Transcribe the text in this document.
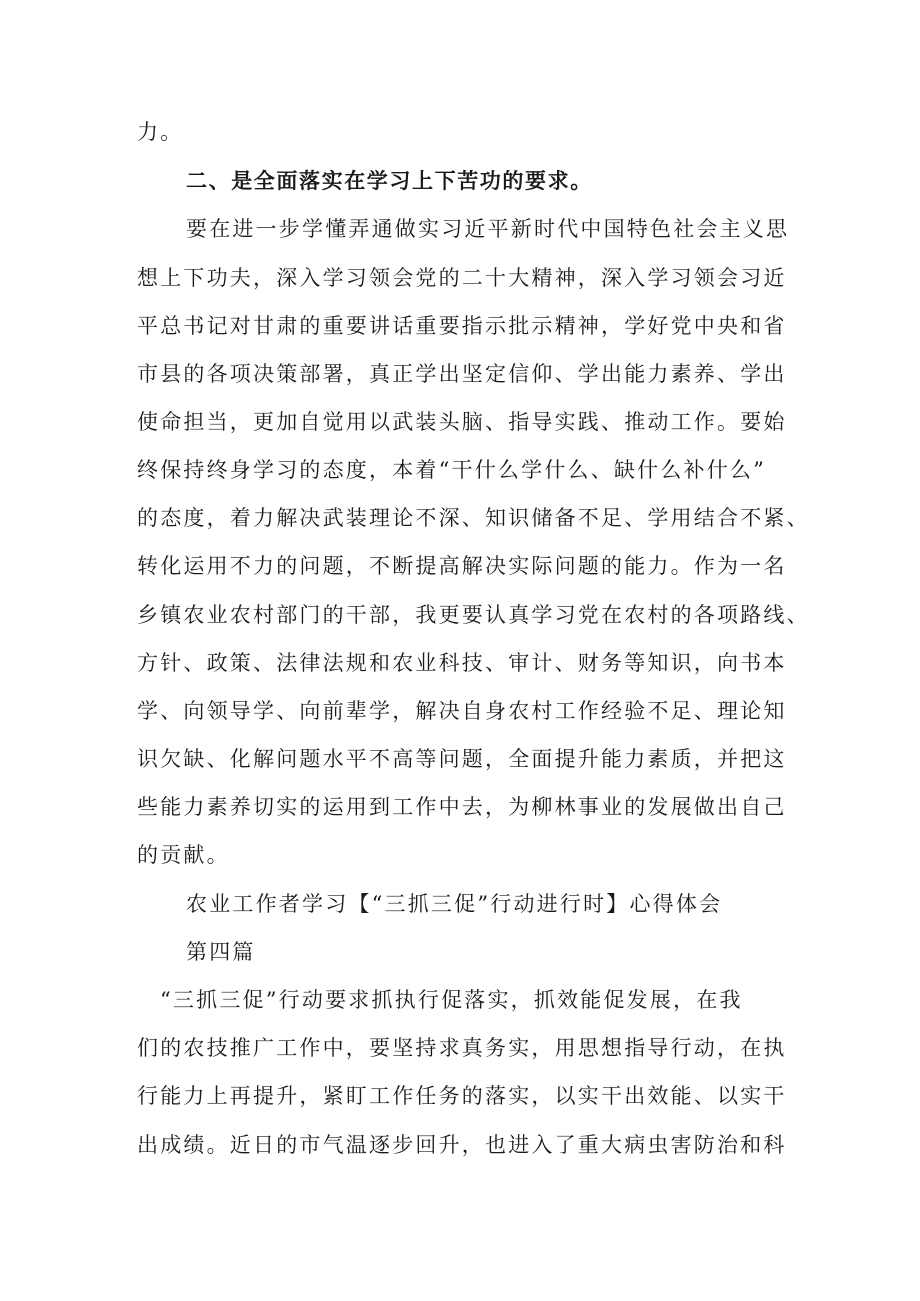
力。
二、是全面落实在学习上下苦功的要求。
要在进一步学懂弄通做实习近平新时代中国特色社会主义思
想上下功夫，深入学习领会党的二十大精神，深入学习领会习近
平总书记对甘肃的重要讲话重要指示批示精神，学好党中央和省
市县的各项决策部署，真正学出坚定信仰、学出能力素养、学出
使命担当，更加自觉用以武装头脑、指导实践、推动工作。要始
终保持终身学习的态度，本着“干什么学什么、缺什么补什么”
的态度，着力解决武装理论不深、知识储备不足、学用结合不紧、
转化运用不力的问题，不断提高解决实际问题的能力。作为一名
乡镇农业农村部门的干部，我更要认真学习党在农村的各项路线、
方针、政策、法律法规和农业科技、审计、财务等知识，向书本
学、向领导学、向前辈学，解决自身农村工作经验不足、理论知
识欠缺、化解问题水平不高等问题，全面提升能力素质，并把这
些能力素养切实的运用到工作中去，为柳林事业的发展做出自己
的贡献。
农业工作者学习【“三抓三促”行动进行时】心得体会
第四篇
“三抓三促”行动要求抓执行促落实，抓效能促发展，在我
们的农技推广工作中，要坚持求真务实，用思想指导行动，在执
行能力上再提升，紧盯工作任务的落实，以实干出效能、以实干
出成绩。近日的市气温逐步回升，也进入了重大病虫害防治和科
